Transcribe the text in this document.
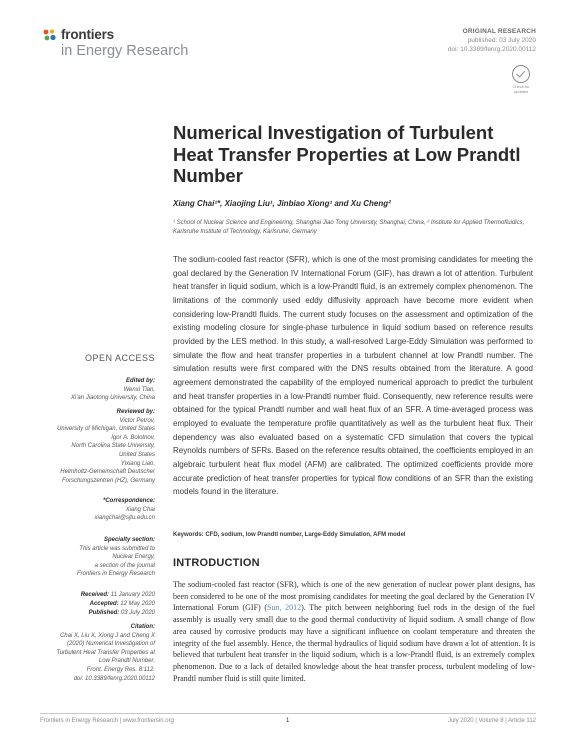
frontiers
in Energy Research
ORIGINAL RESEARCH
published: 03 July 2020
doi: 10.3389/fenrg.2020.00112
Check for updates
Numerical Investigation of Turbulent Heat Transfer Properties at Low Prandtl Number
Xiang Chai¹*, Xiaojing Liu¹, Jinbiao Xiong¹ and Xu Cheng²
¹ School of Nuclear Science and Engineering, Shanghai Jiao Tong University, Shanghai, China, ² Institute for Applied Thermofluidics, Karlsruhe Institute of Technology, Karlsruhe, Germany
OPEN ACCESS
Edited by:
Wenxi Tian,
Xi'an Jiaotong University, China
Reviewed by:
Victor Petrov,
University of Michigan, United States
Igor A. Bolotnov,
North Carolina State University,
United States
Yixiang Liao,
Helmholtz-Gemeinschaft Deutscher
Forschungszentren (HZ), Germany
*Correspondence:
Xiang Chai
xiangchai@sjtu.edu.cn
Specialty section:
This article was submitted to
Nuclear Energy,
a section of the journal
Frontiers in Energy Research
Received: 11 January 2020
Accepted: 12 May 2020
Published: 03 July 2020
Citation:
Chai X, Liu X, Xiong J and Cheng X
(2020) Numerical Investigation of
Turbulent Heat Transfer Properties at
Low Prandtl Number.
Front. Energy Res. 8:112.
doi: 10.3389/fenrg.2020.00112

The sodium-cooled fast reactor (SFR), which is one of the most promising candidates for meeting the goal declared by the Generation IV International Forum (GIF), has drawn a lot of attention. Turbulent heat transfer in liquid sodium, which is a low-Prandtl fluid, is an extremely complex phenomenon. The limitations of the commonly used eddy diffusivity approach have become more evident when considering low-Prandtl fluids. The current study focuses on the assessment and optimization of the existing modeling closure for single-phase turbulence in liquid sodium based on reference results provided by the LES method. In this study, a wall-resolved Large-Eddy Simulation was performed to simulate the flow and heat transfer properties in a turbulent channel at low Prandtl number. The simulation results were first compared with the DNS results obtained from the literature. A good agreement demonstrated the capability of the employed numerical approach to predict the turbulent and heat transfer properties in a low-Prandtl number fluid. Consequently, new reference results were obtained for the typical Prandtl number and wall heat flux of an SFR. A time-averaged process was employed to evaluate the temperature profile quantitatively as well as the turbulent heat flux. Their dependency was also evaluated based on a systematic CFD simulation that covers the typical Reynolds numbers of SFRs. Based on the reference results obtained, the coefficients employed in an algebraic turbulent heat flux model (AFM) are calibrated. The optimized coefficients provide more accurate prediction of heat transfer properties for typical flow conditions of an SFR than the existing models found in the literature.

Keywords: CFD, sodium, low Prandtl number, Large-Eddy Simulation, AFM model
INTRODUCTION

The sodium-cooled fast reactor (SFR), which is one of the new generation of nuclear power plant designs, has been considered to be one of the most promising candidates for meeting the goal declared by the Generation IV International Forum (GIF) (Sun, 2012). The pitch between neighboring fuel rods in the design of the fuel assembly is usually very small due to the good thermal conductivity of liquid sodium. A small change of flow area caused by corrosive products may have a significant influence on coolant temperature and threaten the integrity of the fuel assembly. Hence, the thermal hydraulics of liquid sodium have drawn a lot of attention. It is believed that turbulent heat transfer in the liquid sodium, which is a low-Prandtl fluid, is an extremely complex phenomenon. Due to a lack of detailed knowledge about the heat transfer process, turbulent modeling of low-Prandtl number fluid is still quite limited.

Frontiers in Energy Research | www.frontiersin.org	1	July 2020 | Volume 8 | Article 112
